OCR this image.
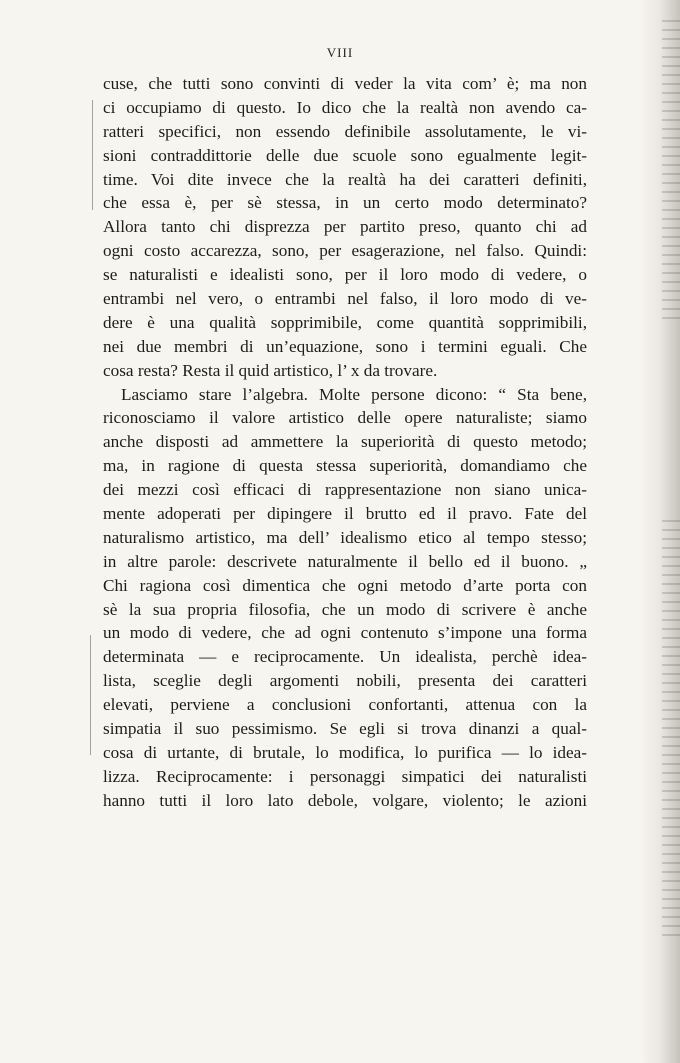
VIII
cuse, che tutti sono convinti di veder la vita com’ è; ma non
ci occupiamo di questo. Io dico che la realtà non avendo ca-
ratteri specifici, non essendo definibile assolutamente, le vi-
sioni contraddittorie delle due scuole sono egualmente legit-
time. Voi dite invece che la realtà ha dei caratteri definiti,
che essa è, per sè stessa, in un certo modo determinato?
Allora tanto chi disprezza per partito preso, quanto chi ad
ogni costo accarezza, sono, per esagerazione, nel falso. Quindi:
se naturalisti e idealisti sono, per il loro modo di vedere, o
entrambi nel vero, o entrambi nel falso, il loro modo di ve-
dere è una qualità sopprimibile, come quantità sopprimibili,
nei due membri di un’equazione, sono i termini eguali. Che
cosa resta? Resta il quid artistico, l’ x da trovare.
Lasciamo stare l’algebra. Molte persone dicono: “ Sta bene,
riconosciamo il valore artistico delle opere naturaliste; siamo
anche disposti ad ammettere la superiorità di questo metodo;
ma, in ragione di questa stessa superiorità, domandiamo che
dei mezzi così efficaci di rappresentazione non siano unica-
mente adoperati per dipingere il brutto ed il pravo. Fate del
naturalismo artistico, ma dell’ idealismo etico al tempo stesso;
in altre parole: descrivete naturalmente il bello ed il buono. „
Chi ragiona così dimentica che ogni metodo d’arte porta con
sè la sua propria filosofia, che un modo di scrivere è anche
un modo di vedere, che ad ogni contenuto s’impone una forma
determinata — e reciprocamente. Un idealista, perchè idea-
lista, sceglie degli argomenti nobili, presenta dei caratteri
elevati, perviene a conclusioni confortanti, attenua con la
simpatia il suo pessimismo. Se egli si trova dinanzi a qual-
cosa di urtante, di brutale, lo modifica, lo purifica — lo idea-
lizza. Reciprocamente: i personaggi simpatici dei naturalisti
hanno tutti il loro lato debole, volgare, violento; le azioni
